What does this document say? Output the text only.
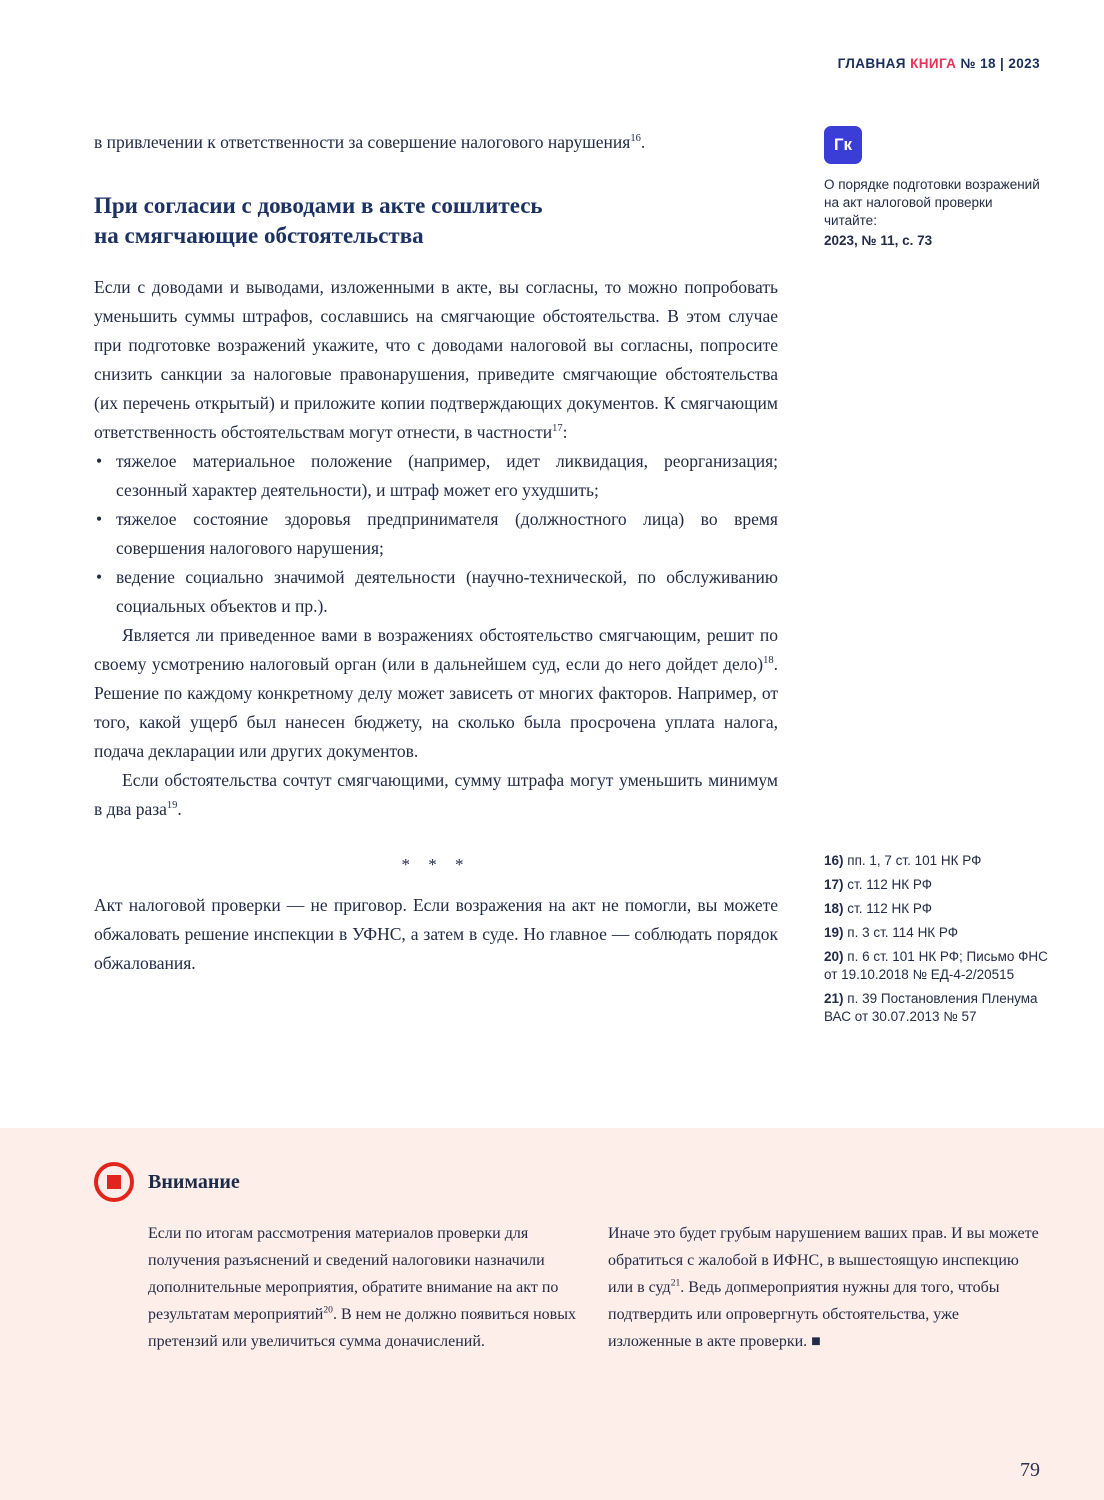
ГЛАВНАЯ КНИГА № 18 | 2023

в привлечении к ответственности за совершение налогового нарушения$^{16}$.

При согласии с доводами в акте сошлитесь
на смягчающие обстоятельства

Если с доводами и выводами, изложенными в акте, вы согласны, то можно попробовать уменьшить суммы штрафов, сославшись на смягчающие обстоятельства. В этом случае при подготовке возражений укажите, что с доводами налоговой вы согласны, попросите снизить санкции за налоговые правонарушения, приведите смягчающие обстоятельства (их перечень открытый) и приложите копии подтверждающих документов. К смягчающим ответственность обстоятельствам могут отнести, в частности$^{17}$:

• тяжелое материальное положение (например, идет ликвидация, реорганизация; сезонный характер деятельности), и штраф может его ухудшить;
• тяжелое состояние здоровья предпринимателя (должностного лица) во время совершения налогового нарушения;
• ведение социально значимой деятельности (научно-технической, по обслуживанию социальных объектов и пр.).

Является ли приведенное вами в возражениях обстоятельство смягчающим, решит по своему усмотрению налоговый орган (или в дальнейшем суд, если до него дойдет дело)$^{18}$. Решение по каждому конкретному делу может зависеть от многих факторов. Например, от того, какой ущерб был нанесен бюджету, на сколько была просрочена уплата налога, подача декларации или других документов.

Если обстоятельства сочтут смягчающими, сумму штрафа могут уменьшить минимум в два раза$^{19}$.

* * *

Акт налоговой проверки — не приговор. Если возражения на акт не помогли, вы можете обжаловать решение инспекции в УФНС, а затем в суде. Но главное — соблюдать порядок обжалования.

Гк

О порядке подготовки возражений на акт налоговой проверки читайте:

2023, № 11, с. 73

16) пп. 1, 7 ст. 101 НК РФ
17) ст. 112 НК РФ
18) ст. 112 НК РФ
19) п. 3 ст. 114 НК РФ
20) п. 6 ст. 101 НК РФ; Письмо ФНС от 19.10.2018 № ЕД-4-2/20515
21) п. 39 Постановления Пленума ВАС от 30.07.2013 № 57
Внимание

Если по итогам рассмотрения материалов проверки для получения разъяснений и сведений налоговики назначили дополнительные мероприятия, обратите внимание на акт по результатам мероприятий$^{20}$. В нем не должно появиться новых претензий или увеличиться сумма доначислений.

Иначе это будет грубым нарушением ваших прав. И вы можете обратиться с жалобой в ИФНС, в вышестоящую инспекцию или в суд$^{21}$. Ведь допмероприятия нужны для того, чтобы подтвердить или опровергнуть обстоятельства, уже изложенные в акте проверки. ■

79
